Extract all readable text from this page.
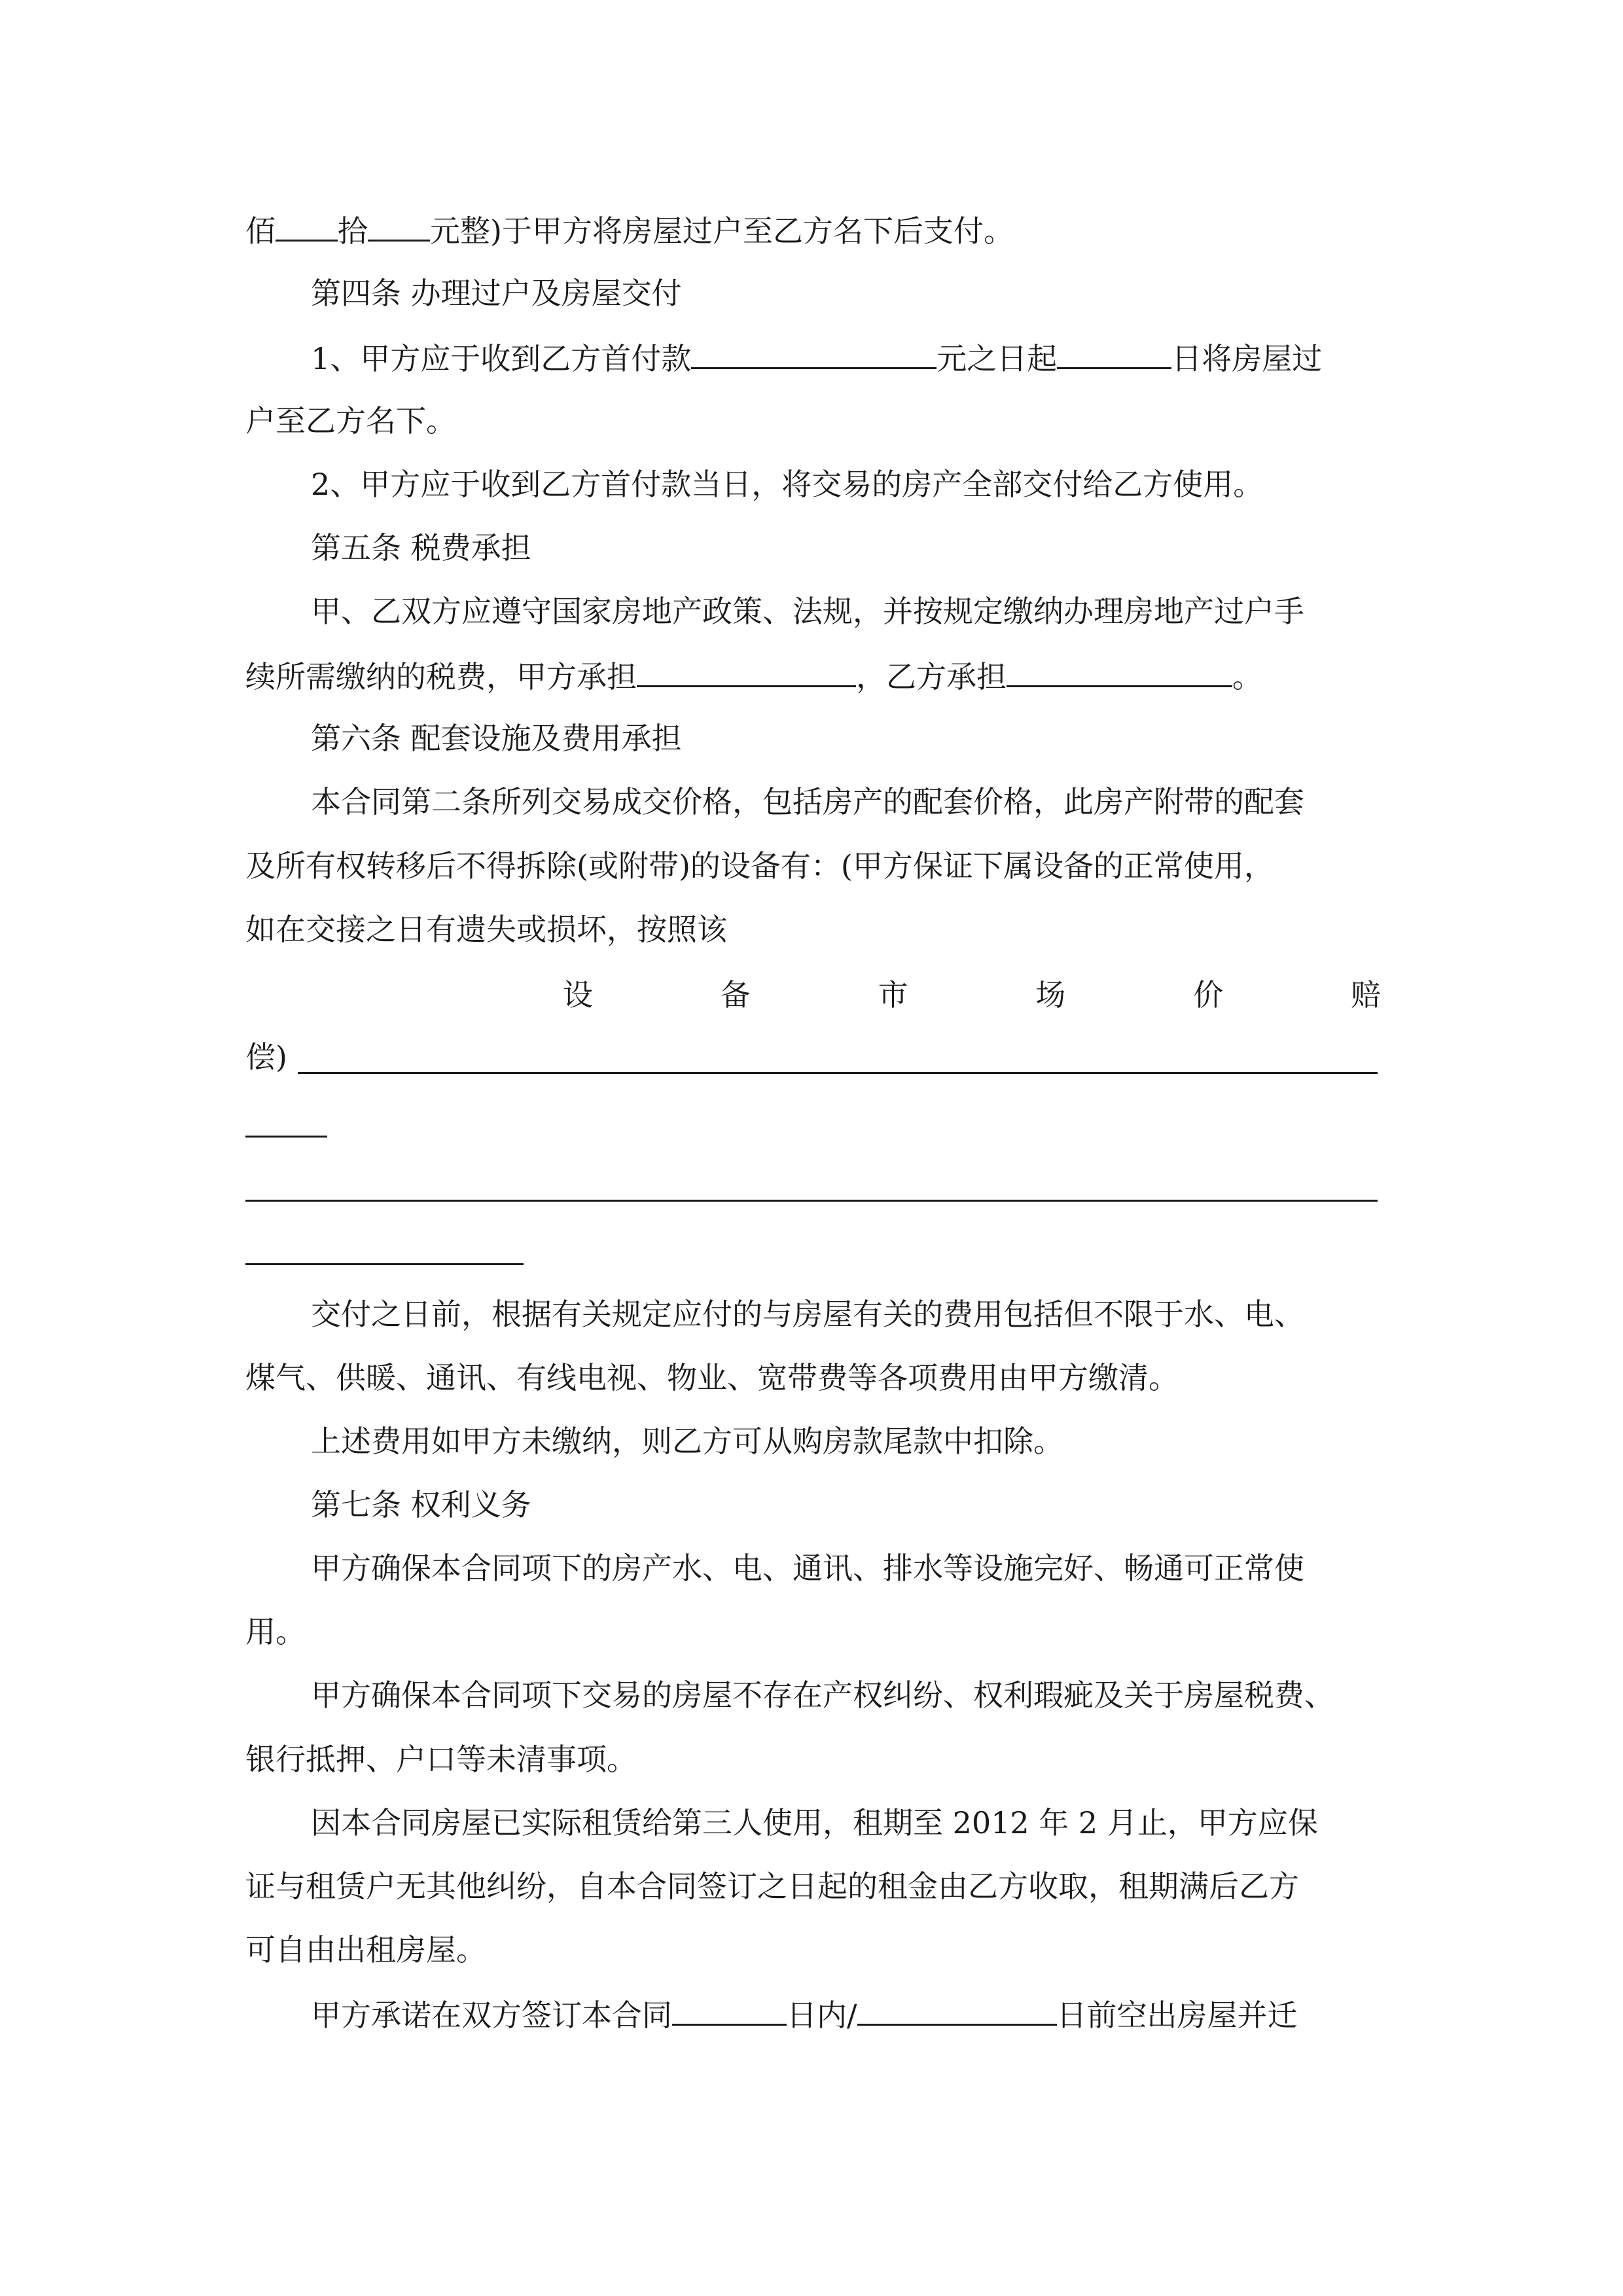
佰 拾 元整)于甲方将房屋过户至乙方名下后支付。
第四条 办理过户及房屋交付
1、甲方应于收到乙方首付款	元之日起	日将房屋过
户至乙方名下。
2、甲方应于收到乙方首付款当日，将交易的房产全部交付给乙方使用。
第五条 税费承担
甲、乙双方应遵守国家房地产政策、法规，并按规定缴纳办理房地产过户手
续所需缴纳的税费，甲方承担	，乙方承担	。
第六条 配套设施及费用承担
本合同第二条所列交易成交价格，包括房产的配套价格，此房产附带的配套
及所有权转移后不得拆除(或附带)的设备有：(甲方保证下属设备的正常使用，
如在交接之日有遗失或损坏，按照该
设	备	市	场	价	赔
偿)
交付之日前，根据有关规定应付的与房屋有关的费用包括但不限于水、电、
煤气、供暖、通讯、有线电视、物业、宽带费等各项费用由甲方缴清。
上述费用如甲方未缴纳，则乙方可从购房款尾款中扣除。
第七条 权利义务
甲方确保本合同项下的房产水、电、通讯、排水等设施完好、畅通可正常使
用。
甲方确保本合同项下交易的房屋不存在产权纠纷、权利瑕疵及关于房屋税费、
银行抵押、户口等未清事项。
因本合同房屋已实际租赁给第三人使用，租期至 2012 年 2 月止，甲方应保
证与租赁户无其他纠纷，自本合同签订之日起的租金由乙方收取，租期满后乙方
可自由出租房屋。
甲方承诺在双方签订本合同	日内/	日前空出房屋并迁
